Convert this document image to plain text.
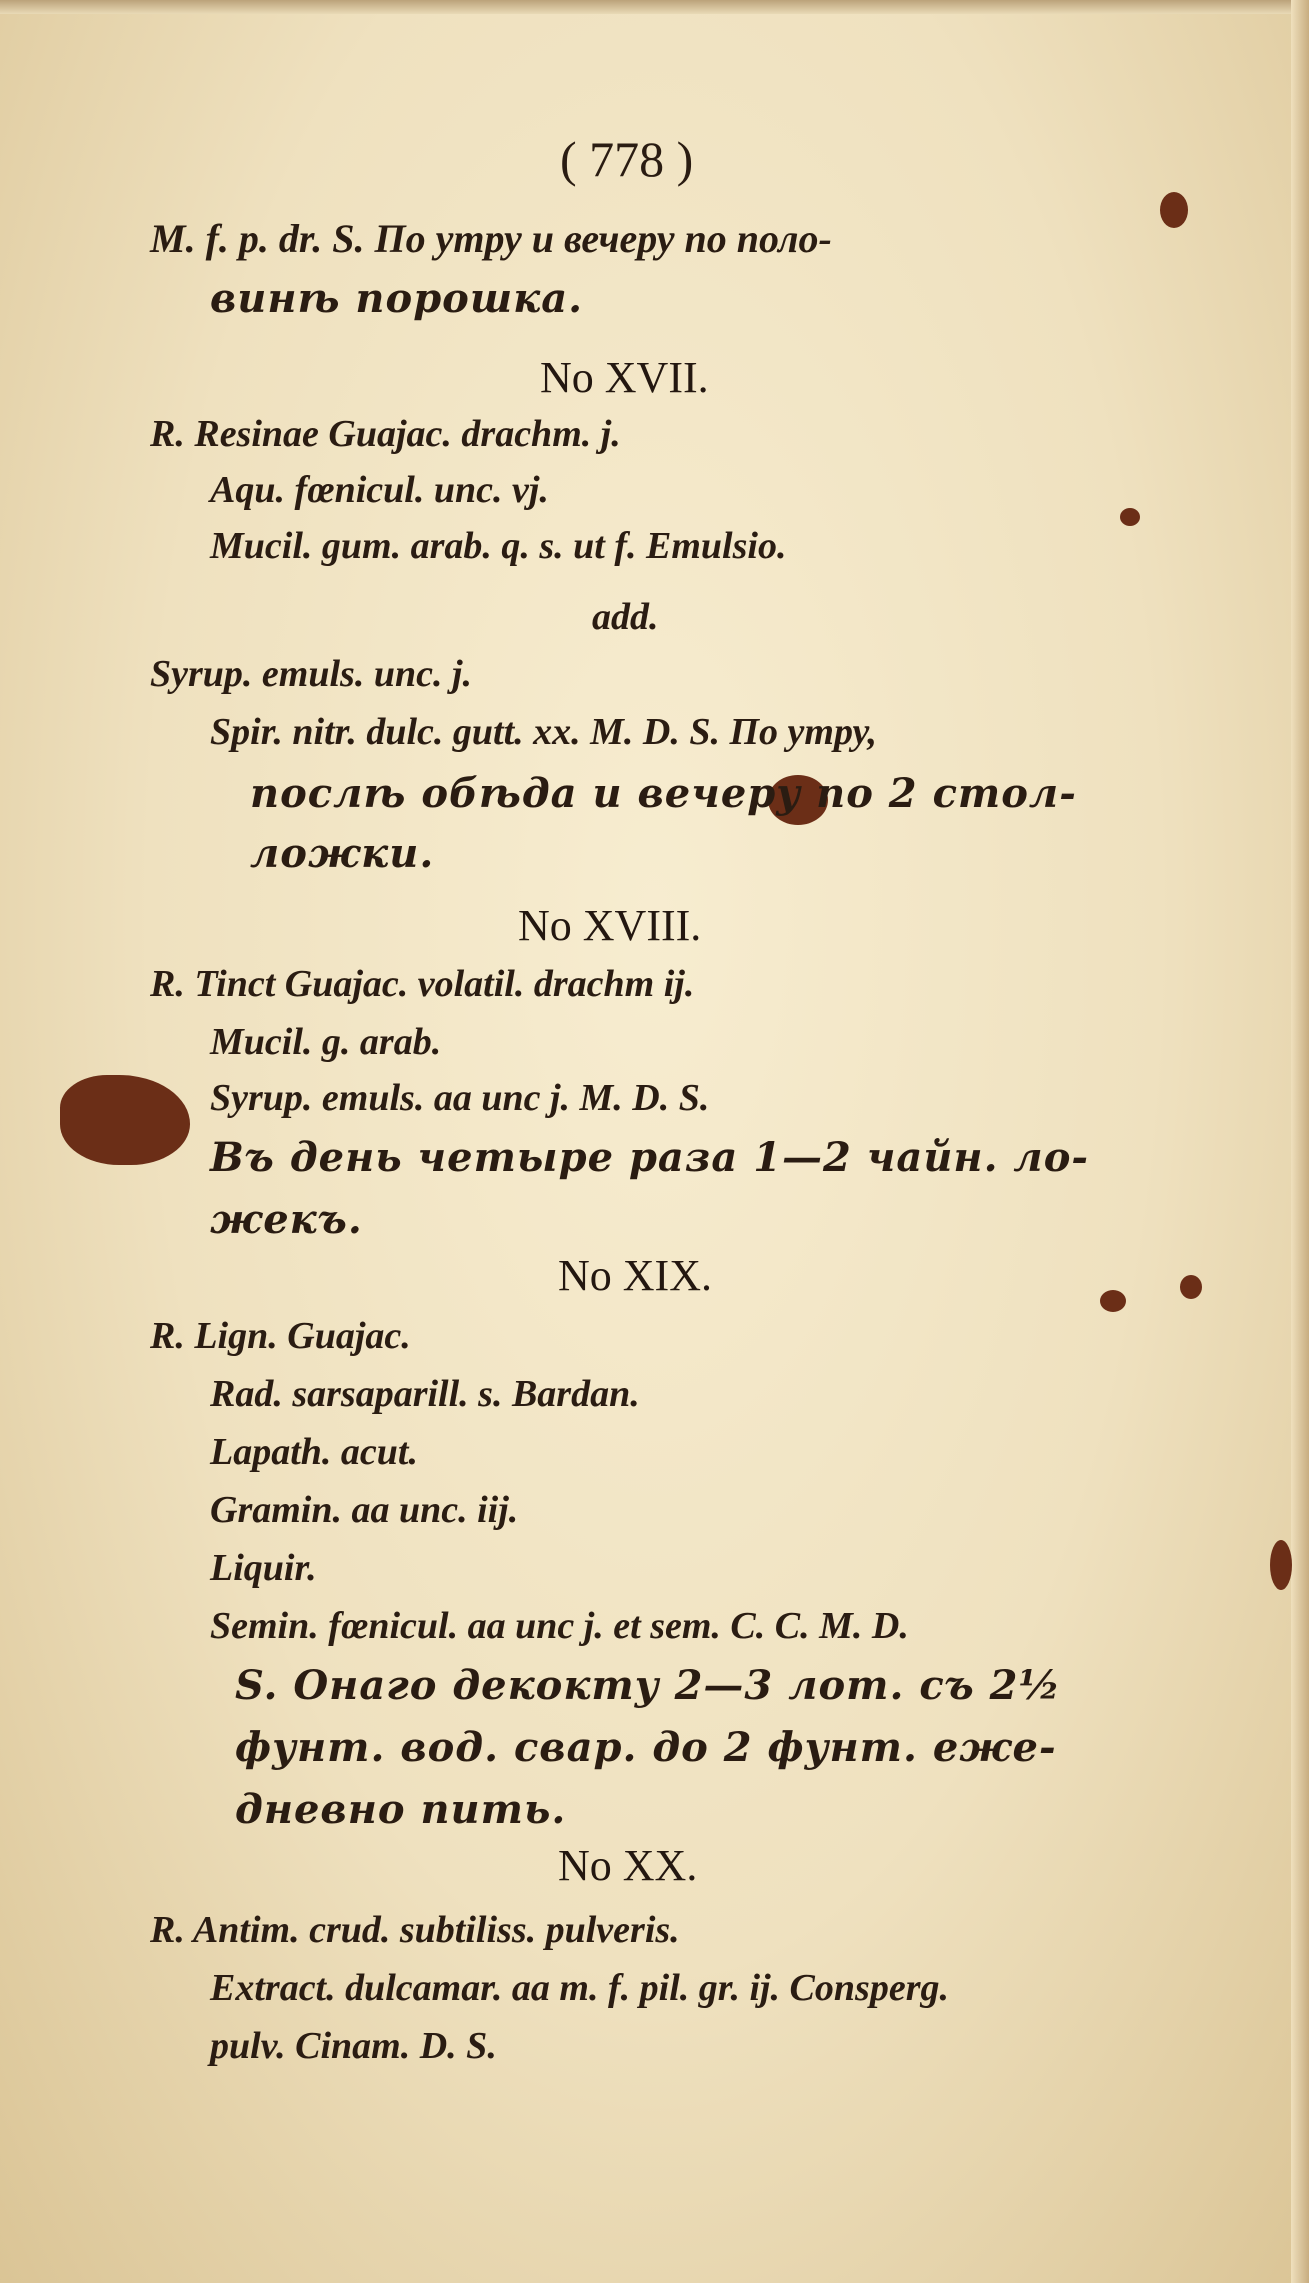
( 778 )
M. f. p. dr. S. По утру и вечеру по поло-
винѣ порошка.
No XVII.
R. Resinae Guajac. drachm. j.
Aqu. fœnicul. unc. vj.
Mucil. gum. arab. q. s. ut f. Emulsio.
add.
Syrup. emuls. unc. j.
Spir. nitr. dulc. gutt. xx. M. D. S. По утру,
послѣ обѣда и вечеру по 2 стол-
ложки.
No XVIII.
R. Tinct Guajac. volatil. drachm ij.
Mucil. g. arab.
Syrup. emuls. aa unc j. M. D. S.
Въ день четыре раза 1—2 чайн. ло-
жекъ.
No XIX.
R. Lign. Guajac.
Rad. sarsaparill. s. Bardan.
Lapath. acut.
Gramin. aa unc. iij.
Liquir.
Semin. fœnicul. aa unc j. et sem. C. C. M. D.
S. Онаго декокту 2—3 лот. съ 2½
фунт. вод. свар. до 2 фунт. еже-
дневно пить.
No XX.
R. Antim. crud. subtiliss. pulveris.
Extract. dulcamar. aa m. f. pil. gr. ij. Consperg.
pulv. Cinam. D. S.
